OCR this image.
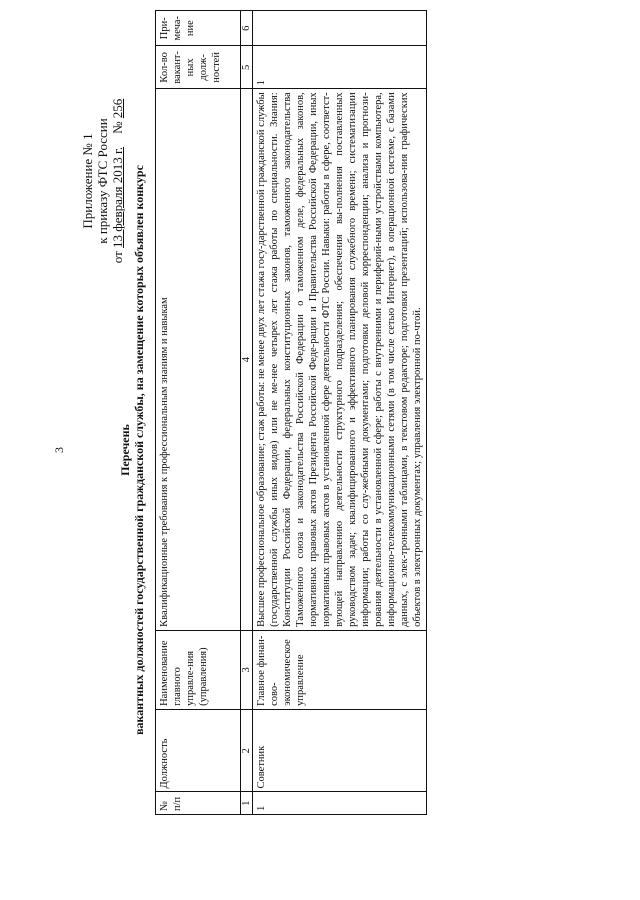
3
Приложение № 1 к приказу ФТС России
от 13 февраля 2013 г.    № 256
Перечень вакантных должностей государственной гражданской службы, на замещение которых объявлен конкурс
№ п/п	Должность	Наименование главного управле-ния (управления)	Квалификационные требования к профессиональным знаниям и навыкам	Кол-во вакант-ных долж-ностей	При-меча-ние
1	2	3	4	5	6
1	Советник	Главное финан-сово-экономическое управление	Высшее профессиональное образование; стаж работы: не менее двух лет стажа госу-дарственной гражданской службы (государственной службы иных видов) или не ме-нее четырех лет стажа работы по специальности. Знания: Конституции Российской Федерации, федеральных конституционных законов, таможенного законодательства Таможенного союза и законодательства Российской Федерации о таможенном деле, федеральных законов, нормативных правовых актов Президента Российской Феде-рации и Правительства Российской Федерации, иных нормативных правовых актов в установленной сфере деятельности ФТС России. Навыки: работы в сфере, соответст-вующей направлению деятельности структурного подразделения; обеспечения вы-полнения поставленных руководством задач; квалифицированного и эффективного планирования служебного времени; систематизации информации; работы со слу-жебными документами; подготовки деловой корреспонденции; анализа и прогнози-рования деятельности в установленной сфере; работы с внутренними и периферий-ными устройствами компьютера, информационно-телекоммуникационными сетями (в том числе сетью Интернет), в операционной системе, с базами данных, с элек-тронными таблицами, в текстовом редакторе; подготовки презентаций; использова-ния графических объектов в электронных документах; управления электронной по-чтой.	1	
